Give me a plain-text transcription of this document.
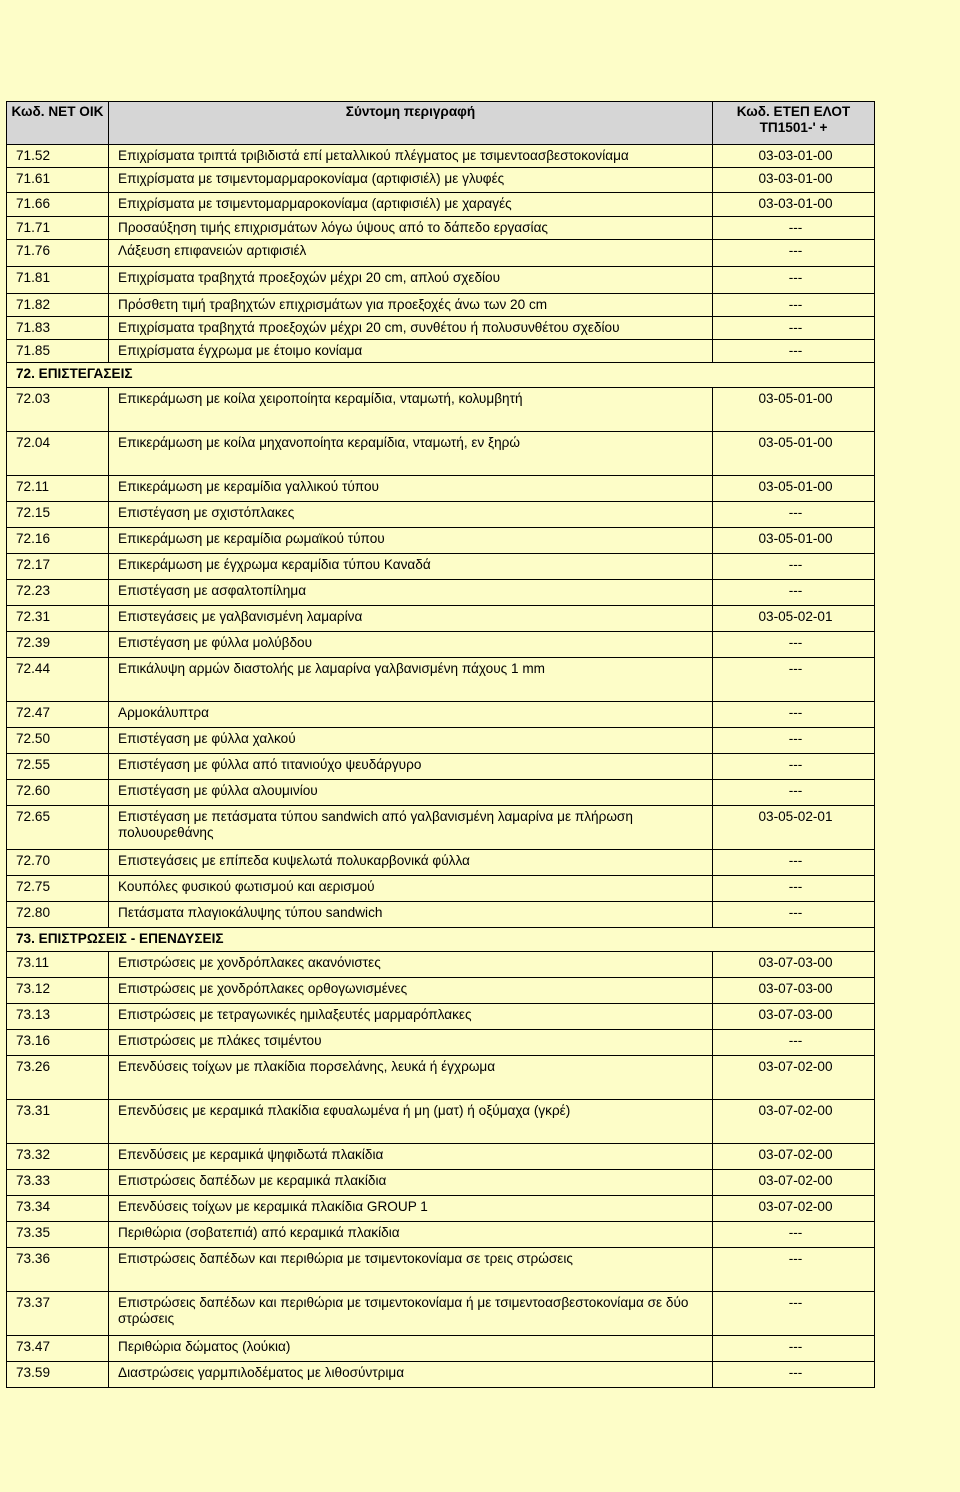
Κωδ. ΝΕΤ ΟΙΚ	Σύντομη περιγραφή	Κωδ. ΕΤΕΠ ΕΛΟΤ ΤΠ1501-' +
71.52	Επιχρίσματα τριπτά τριβιδιστά επί μεταλλικού πλέγματος με τσιμεντοασβεστοκονίαμα	03-03-01-00
71.61	Επιχρίσματα με τσιμεντομαρμαροκονίαμα (αρτιφισιέλ) με γλυφές	03-03-01-00
71.66	Επιχρίσματα με τσιμεντομαρμαροκονίαμα (αρτιφισιέλ) με χαραγές	03-03-01-00
71.71	Προσαύξηση τιμής επιχρισμάτων λόγω ύψους από το δάπεδο εργασίας	---
71.76	Λάξευση επιφανειών αρτιφισιέλ	---
71.81	Επιχρίσματα τραβηχτά προεξοχών μέχρι 20 cm, απλού σχεδίου	---
71.82	Πρόσθετη τιμή τραβηχτών επιχρισμάτων για προεξοχές άνω των 20 cm	---
71.83	Επιχρίσματα τραβηχτά προεξοχών μέχρι 20 cm, συνθέτου ή πολυσυνθέτου σχεδίου	---
71.85	Επιχρίσματα έγχρωμα με έτοιμο κονίαμα	---
72. ΕΠΙΣΤΕΓΑΣΕΙΣ		
72.03	Επικεράμωση με κοίλα χειροποίητα κεραμίδια, νταμωτή, κολυμβητή	03-05-01-00
72.04	Επικεράμωση με κοίλα μηχανοποίητα κεραμίδια, νταμωτή, εν ξηρώ	03-05-01-00
72.11	Επικεράμωση με κεραμίδια γαλλικού τύπου	03-05-01-00
72.15	Επιστέγαση με σχιστόπλακες	---
72.16	Επικεράμωση με κεραμίδια ρωμαϊκού τύπου	03-05-01-00
72.17	Επικεράμωση με έγχρωμα κεραμίδια τύπου Καναδά	---
72.23	Επιστέγαση με ασφαλτοπίλημα	---
72.31	Επιστεγάσεις με γαλβανισμένη λαμαρίνα	03-05-02-01
72.39	Επιστέγαση με φύλλα μολύβδου	---
72.44	Επικάλυψη αρμών διαστολής με λαμαρίνα γαλβανισμένη πάχους 1 mm	---
72.47	Αρμοκάλυπτρα	---
72.50	Επιστέγαση με φύλλα χαλκού	---
72.55	Επιστέγαση με φύλλα από τιτανιούχο ψευδάργυρο	---
72.60	Επιστέγαση με φύλλα αλουμινίου	---
72.65	Επιστέγαση με πετάσματα τύπου sandwich από γαλβανισμένη λαμαρίνα με πλήρωση πολυουρεθάνης	03-05-02-01
72.70	Επιστεγάσεις με επίπεδα κυψελωτά πολυκαρβονικά φύλλα	---
72.75	Κουπόλες φυσικού φωτισμού και αερισμού	---
72.80	Πετάσματα πλαγιοκάλυψης τύπου sandwich	---
73. ΕΠΙΣΤΡΩΣΕΙΣ - ΕΠΕΝΔΥΣΕΙΣ		
73.11	Επιστρώσεις με χονδρόπλακες ακανόνιστες	03-07-03-00
73.12	Επιστρώσεις με χονδρόπλακες ορθογωνισμένες	03-07-03-00
73.13	Επιστρώσεις με τετραγωνικές ημιλαξευτές μαρμαρόπλακες	03-07-03-00
73.16	Επιστρώσεις με πλάκες τσιμέντου	---
73.26	Επενδύσεις τοίχων με πλακίδια πορσελάνης, λευκά ή έγχρωμα	03-07-02-00
73.31	Επενδύσεις με κεραμικά πλακίδια εφυαλωμένα ή μη (ματ) ή οξύμαχα (γκρέ)	03-07-02-00
73.32	Επενδύσεις με κεραμικά ψηφιδωτά πλακίδια	03-07-02-00
73.33	Επιστρώσεις δαπέδων με κεραμικά πλακίδια	03-07-02-00
73.34	Επενδύσεις τοίχων με κεραμικά πλακίδια GROUP 1	03-07-02-00
73.35	Περιθώρια (σοβατεπιά) από κεραμικά πλακίδια	---
73.36	Επιστρώσεις δαπέδων και περιθώρια με τσιμεντοκονίαμα σε τρεις στρώσεις	---
73.37	Επιστρώσεις δαπέδων και περιθώρια με τσιμεντοκονίαμα ή με τσιμεντοασβεστοκονίαμα σε δύο στρώσεις	---
73.47	Περιθώρια δώματος (λούκια)	---
73.59	Διαστρώσεις γαρμπιλοδέματος με λιθοσύντριμα	---
